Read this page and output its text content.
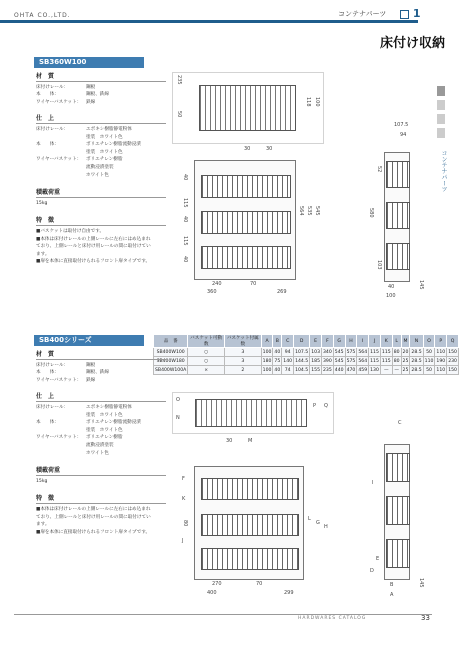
OHTA CO.,LTD.	コンテナパーツ	1
床付け収納
コンテナパーツ
SB360W100
材　質
床付けレール：	鋼板
本　　体：	鋼板、鉄線
ワイヤーバスケット： 鉄線
仕　上
床付けレール：	エポキシ樹脂静電粉体
塗装　ホワイト色
本　　体：	ポリエチレン樹脂流動浸漬
塗装　ホワイト色
ワイヤーバスケット： ポリエチレン樹脂
流動浸漬塗装
ホワイト色
積載荷重
15kg
特　徴
■バスケットは取付け自由です。
■本体は床付けレールの上側レールに左右にはめ込まれており、上側レールと床付け用レールの間に取付けています。
■扉を本体に直接取付けられるフロント扉タイプです。
235
50
118 100
30	30
40
115
40
115
40
564 535 545
240	70
360	269
107.5
94
52
580
103
40
100
145
SB400シリーズ	品　番	バスケット可動数	バスケット付属数	A	B	C	D	E	F	G	H	I	J	K	L	M	N	O	P	Q
SB400W100	○	3	100	40	94	107.5	103	340	545	575	564	115	115	80	20	28.5	50	110	150
SB400W180	○	3	180	75	140	144.5	185	390	545	575	564	115	115	80	25	28.5	110	190	230
SB400W100A	×	2	100	40	74	104.5	155	235	440	470	459	130	—	—	25	28.5	50	110	150
材　質
床付けレール：	鋼板
本　　体：	鋼板、鉄線
ワイヤーバスケット： 鉄線
仕　上
床付けレール：	エポキシ樹脂静電粉体
塗装　ホワイト色
本　　体：	ポリエチレン樹脂流動浸漬
塗装　ホワイト色
ワイヤーバスケット： ポリエチレン樹脂
流動浸漬塗装
ホワイト色
積載荷重
15kg
特　徴
■本体は床付けレールの上側レールに左右にはめ込まれており、上側レールと床付け用レールの間に取付けています。
■扉を本体に直接取付けられるフロント扉タイプです。
O
N
P Q
30	M
F
K
80
J
L
G
H
270	70
400	299
C
I
E
D
B
A
145
HARDWARES CATALOG	33
